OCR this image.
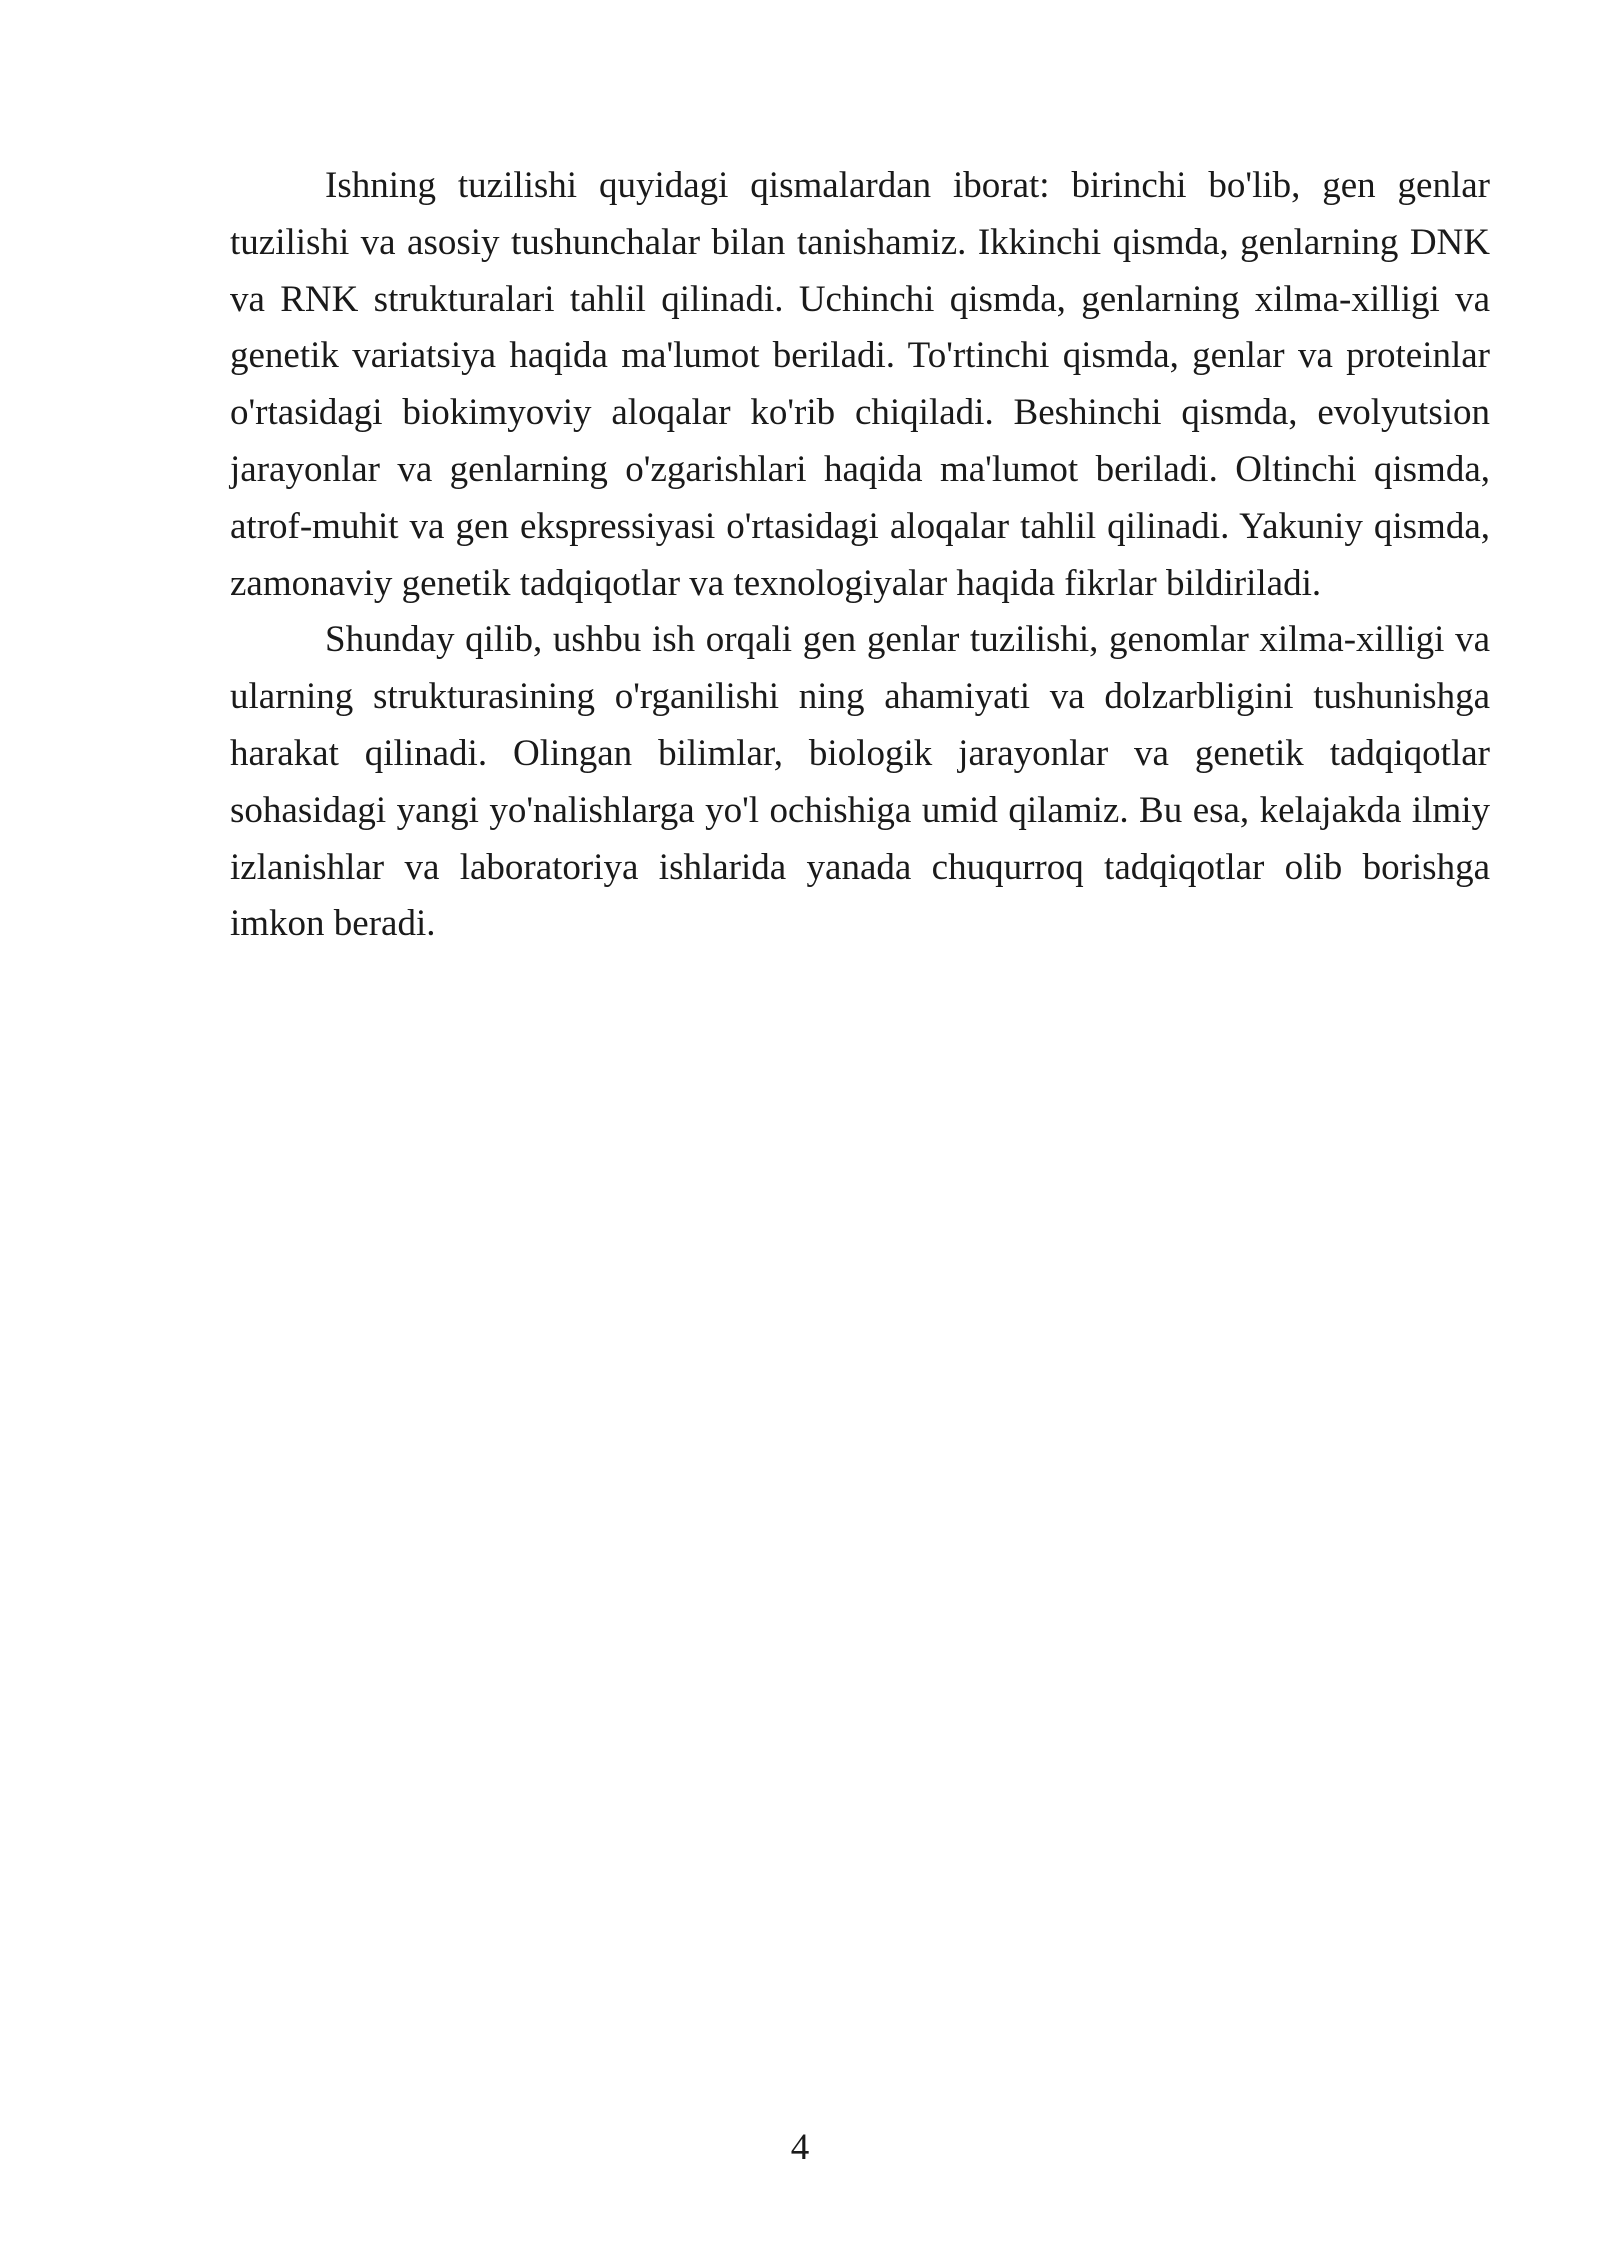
Ishning tuzilishi quyidagi qismalardan iborat: birinchi bo'lib, gen genlar tuzilishi va asosiy tushunchalar bilan tanishamiz. Ikkinchi qismda, genlarning DNK va RNK strukturalari tahlil qilinadi. Uchinchi qismda, genlarning xilma-xilligi va genetik variatsiya haqida ma'lumot beriladi. To'rtinchi qismda, genlar va proteinlar o'rtasidagi biokimyoviy aloqalar ko'rib chiqiladi. Beshinchi qismda, evolyutsion jarayonlar va genlarning o'zgarishlari haqida ma'lumot beriladi. Oltinchi qismda, atrof-muhit va gen ekspressiyasi o'rtasidagi aloqalar tahlil qilinadi. Yakuniy qismda, zamonaviy genetik tadqiqotlar va texnologiyalar haqida fikrlar bildiriladi.

Shunday qilib, ushbu ish orqali gen genlar tuzilishi, genomlar xilma-xilligi va ularning strukturasining o'rganilishi ning ahamiyati va dolzarbligini tushunishga harakat qilinadi. Olingan bilimlar, biologik jarayonlar va genetik tadqiqotlar sohasidagi yangi yo'nalishlarga yo'l ochishiga umid qilamiz. Bu esa, kelajakda ilmiy izlanishlar va laboratoriya ishlarida yanada chuqurroq tadqiqotlar olib borishga imkon beradi.

4
